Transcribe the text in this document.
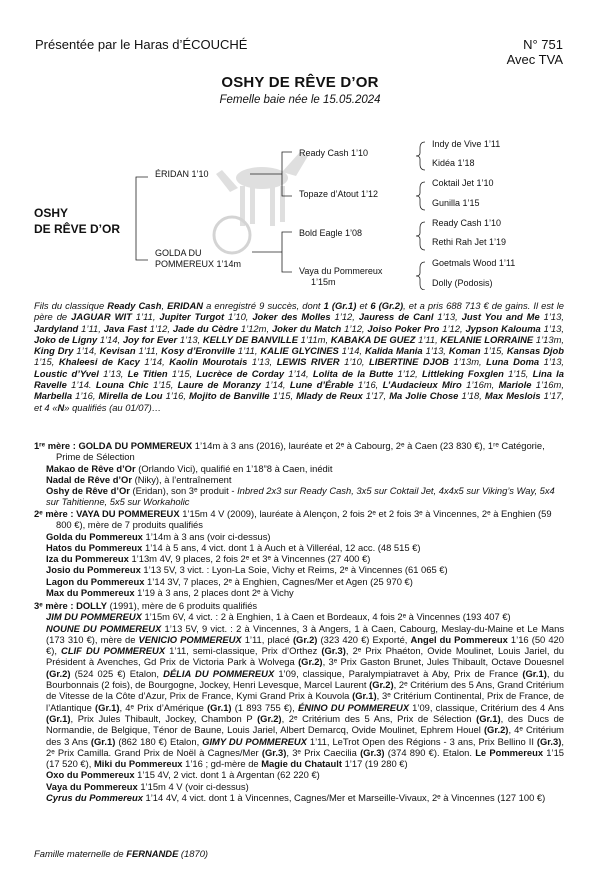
Présentée par le Haras d’ÉCOUCHÉ	N° 751
Avec TVA
OSHY DE RÊVE D’OR
Femelle baie née le 15.05.2024
OSHY
DE RÊVE D’OR
ÉRIDAN 1’10
GOLDA DU
POMMEREUX 1’14m
Ready Cash 1’10
Topaze d’Atout 1’12
Bold Eagle 1’08
Vaya du Pommereux
1’15m
Indy de Vive 1’11
Kidéa 1’18
Coktail Jet 1’10
Gunilla 1’15
Ready Cash 1’10
Rethi Rah Jet 1’19
Goetmals Wood 1’11
Dolly (Podosis)
Fils du classique Ready Cash, ERIDAN a enregistré 9 succès, dont 1 (Gr.1) et 6 (Gr.2), et a pris 688 713 € de gains. Il est le père de JAGUAR WIT 1’11, Jupiter Turgot 1’10, Joker des Molles 1’12, Jauress de Canl 1’13, Just You and Me 1’13, Jardyland 1’11, Java Fast 1’12, Jade du Cèdre 1’12m, Joker du Match 1’12, Joiso Poker Pro 1’12, Jypson Kalouma 1’13, Joko de Ligny 1’14, Joy for Ever 1’13, KELLY DE BANVILLE 1’11m, KABAKA DE GUEZ 1’11, KELANIE LORRAINE 1’13m, King Dry 1’14, Kevisan 1’11, Kosy d’Eronville 1’11, KALIE GLYCINES 1’14, Kalida Mania 1’13, Koman 1’15, Kansas Djob 1’15, Khaleesi de Kacy 1’14, Kaolin Mourotais 1’13, LEWIS RIVER 1’10, LIBERTINE DJOB 1’13m, Luna Doma 1’13, Loustic d’Yvel 1’13, Le Titien 1’15, Lucrèce de Corday 1’14, Lolita de la Butte 1’12, Littleking Foxglen 1’15, Lina la Ravelle 1’14. Louna Chic 1’15, Laure de Moranzy 1’14, Lune d’Érable 1’16, L’Audacieux Miro 1’16m, Mariole 1’16m, Marbella 1’16, Mirella de Lou 1’16, Mojito de Banville 1’15, Mlady de Reux 1’17, Ma Jolie Chose 1’18, Max Meslois 1’17, et 4 «N» qualifiés (au 01/07)…
1ʳᵉ mère : GOLDA DU POMMEREUX 1’14m à 3 ans (2016), lauréate et 2ᵉ à Cabourg, 2ᵉ à Caen (23 830 €), 1ʳᵉ Catégorie, Prime de Sélection
Makao de Rêve d’Or (Orlando Vici), qualifié en 1’18”8 à Caen, inédit
Nadal de Rêve d’Or (Niky), à l’entraînement
Oshy de Rêve d’Or (Eridan), son 3ᵉ produit - Inbred 2x3 sur Ready Cash, 3x5 sur Coktail Jet, 4x4x5 sur Viking’s Way, 5x4 sur Tahitienne, 5x5 sur Workaholic
2ᵉ mère : VAYA DU POMMEREUX 1’15m 4 V (2009), lauréate à Alençon, 2 fois 2ᵉ et 2 fois 3ᵉ à Vincennes, 2ᵉ à Enghien (59 800 €), mère de 7 produits qualifiés
Golda du Pommereux 1’14m à 3 ans (voir ci-dessus)
Hatos du Pommereux 1’14 à 5 ans, 4 vict. dont 1 à Auch et à Villeréal, 12 acc. (48 515 €)
Iza du Pommereux 1’13m 4V, 9 places, 2 fois 2ᵉ et 3ᵉ à Vincennes (27 400 €)
Josio du Pommereux 1’13 5V, 3 vict. : Lyon-La Soie, Vichy et Reims, 2ᵉ à Vincennes (61 065 €)
Lagon du Pommereux 1’14 3V, 7 places, 2ᵉ à Enghien, Cagnes/Mer et Agen (25 970 €)
Max du Pommereux 1’19 à 3 ans, 2 places dont 2ᵉ à Vichy
3ᵉ mère : DOLLY (1991), mère de 6 produits qualifiés
JIM DU POMMEREUX 1’15m 6V, 4 vict. : 2 à Enghien, 1 à Caen et Bordeaux, 4 fois 2ᵉ à Vincennes (193 407 €)
NOUNE DU POMMEREUX 1’13 5V, 9 vict. : 2 à Vincennes, 3 à Angers, 1 à Caen, Cabourg, Meslay-du-Maine et Le Mans (173 310 €), mère de VENICIO POMMEREUX 1’11, placé (Gr.2) (323 420 €) Exporté, Angel du Pommereux 1’16 (50 420 €), CLIF DU POMMEREUX 1’11, semi-classique, Prix d’Orthez (Gr.3), 2ᵉ Prix Phaéton, Ovide Moulinet, Louis Jariel, du Président à Avenches, Gd Prix de Victoria Park à Wolvega (Gr.2), 3ᵉ Prix Gaston Brunet, Jules Thibault, Octave Douesnel (Gr.2) (524 025 €) Etalon, DÉLIA DU POMMEREUX 1’09, classique, Paralympiatravet à Aby, Prix de France (Gr.1), du Bourbonnais (2 fois), de Bourgogne, Jockey, Henri Levesque, Marcel Laurent (Gr.2), 2ᵉ Critérium des 5 Ans, Grand Critérium de Vitesse de la Côte d’Azur, Prix de France, Kymi Grand Prix à Kouvola (Gr.1), 3ᵉ Critérium Continental, Prix de France, de l’Atlantique (Gr.1), 4ᵉ Prix d’Amérique (Gr.1) (1 893 755 €), ÉNINO DU POMMEREUX 1’09, classique, Critérium des 4 Ans (Gr.1), Prix Jules Thibault, Jockey, Chambon P (Gr.2), 2ᵉ Critérium des 5 Ans, Prix de Sélection (Gr.1), des Ducs de Normandie, de Belgique, Ténor de Baune, Louis Jariel, Albert Demarcq, Ovide Moulinet, Ephrem Houel (Gr.2), 4ᵉ Critérium des 3 Ans (Gr.1) (862 180 €) Etalon, GIMY DU POMMEREUX 1’11, LeTrot Open des Régions - 3 ans, Prix Bellino II (Gr.3), 2ᵉ Prix Camilla. Grand Prix de Noël à Cagnes/Mer (Gr.3), 3ᵉ Prix Caecilia (Gr.3) (374 890 €). Etalon. Le Pommereux 1’15 (17 520 €), Miki du Pommereux 1’16 ; gd-mère de Magie du Chatault 1’17 (19 280 €)
Oxo du Pommereux 1’15 4V, 2 vict. dont 1 à Argentan (62 220 €)
Vaya du Pommereux 1’15m 4 V (voir ci-dessus)
Cyrus du Pommereux 1’14 4V, 4 vict. dont 1 à Vincennes, Cagnes/Mer et Marseille-Vivaux, 2ᵉ à Vincennes (127 100 €)
Famille maternelle de FERNANDE (1870)
